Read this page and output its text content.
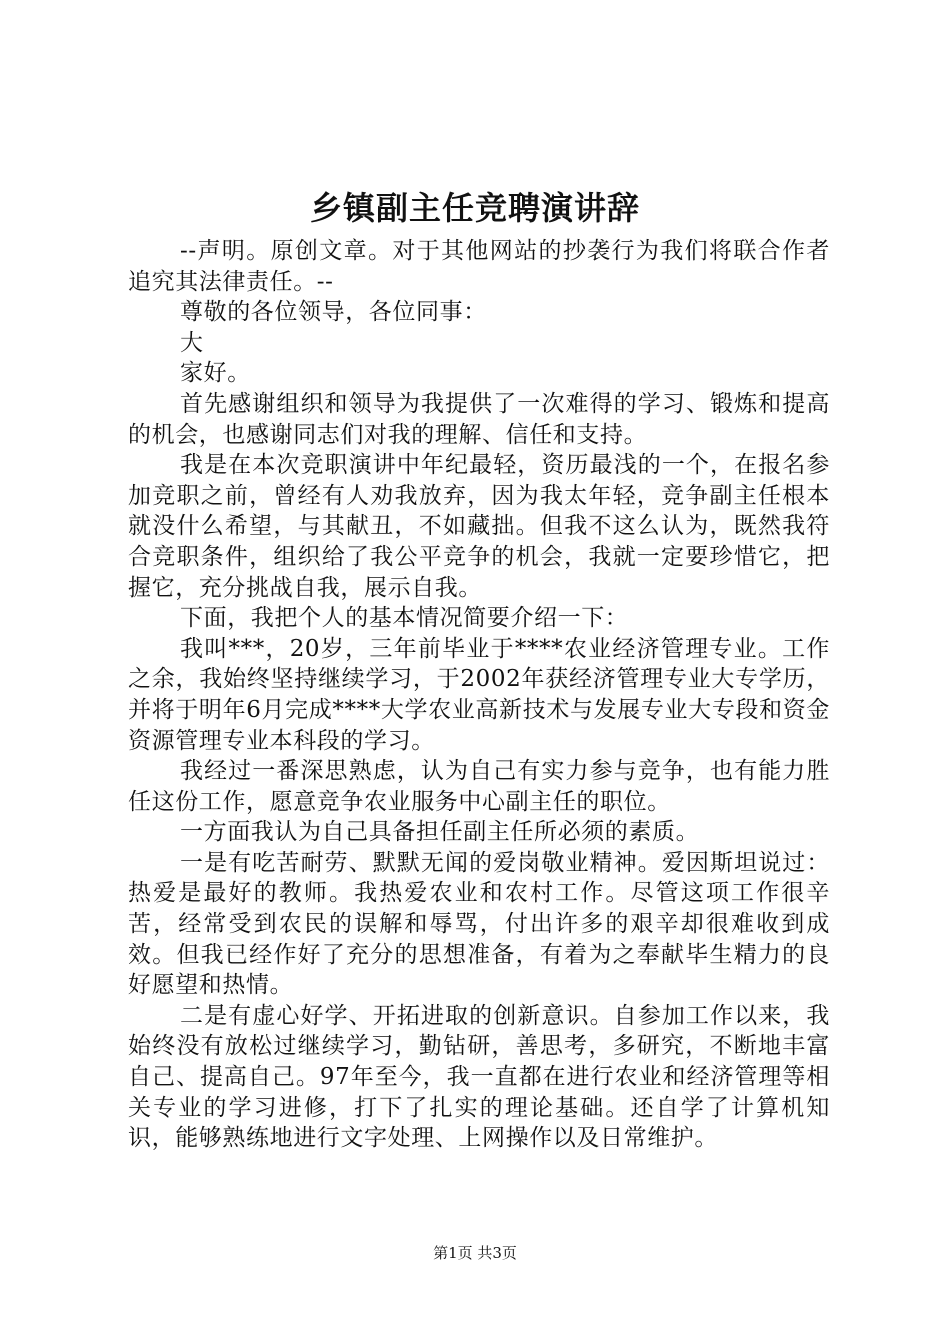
乡镇副主任竞聘演讲辞

--声明。原创文章。对于其他网站的抄袭行为我们将联合作者追究其法律责任。--

尊敬的各位领导，各位同事：

大

家好。

首先感谢组织和领导为我提供了一次难得的学习、锻炼和提高的机会，也感谢同志们对我的理解、信任和支持。

我是在本次竞职演讲中年纪最轻，资历最浅的一个，在报名参加竞职之前，曾经有人劝我放弃，因为我太年轻，竞争副主任根本就没什么希望，与其献丑，不如藏拙。但我不这么认为，既然我符合竞职条件，组织给了我公平竞争的机会，我就一定要珍惜它，把握它，充分挑战自我，展示自我。

下面，我把个人的基本情况简要介绍一下：

我叫***，20岁，三年前毕业于****农业经济管理专业。工作之余，我始终坚持继续学习，于2002年获经济管理专业大专学历，并将于明年6月完成****大学农业高新技术与发展专业大专段和资金资源管理专业本科段的学习。

我经过一番深思熟虑，认为自己有实力参与竞争，也有能力胜任这份工作，愿意竞争农业服务中心副主任的职位。

一方面我认为自己具备担任副主任所必须的素质。

一是有吃苦耐劳、默默无闻的爱岗敬业精神。爱因斯坦说过：热爱是最好的教师。我热爱农业和农村工作。尽管这项工作很辛苦，经常受到农民的误解和辱骂，付出许多的艰辛却很难收到成效。但我已经作好了充分的思想准备，有着为之奉献毕生精力的良好愿望和热情。

二是有虚心好学、开拓进取的创新意识。自参加工作以来，我始终没有放松过继续学习，勤钻研，善思考，多研究，不断地丰富自己、提高自己。97年至今，我一直都在进行农业和经济管理等相关专业的学习进修，打下了扎实的理论基础。还自学了计算机知识，能够熟练地进行文字处理、上网操作以及日常维护。

第1页 共3页
